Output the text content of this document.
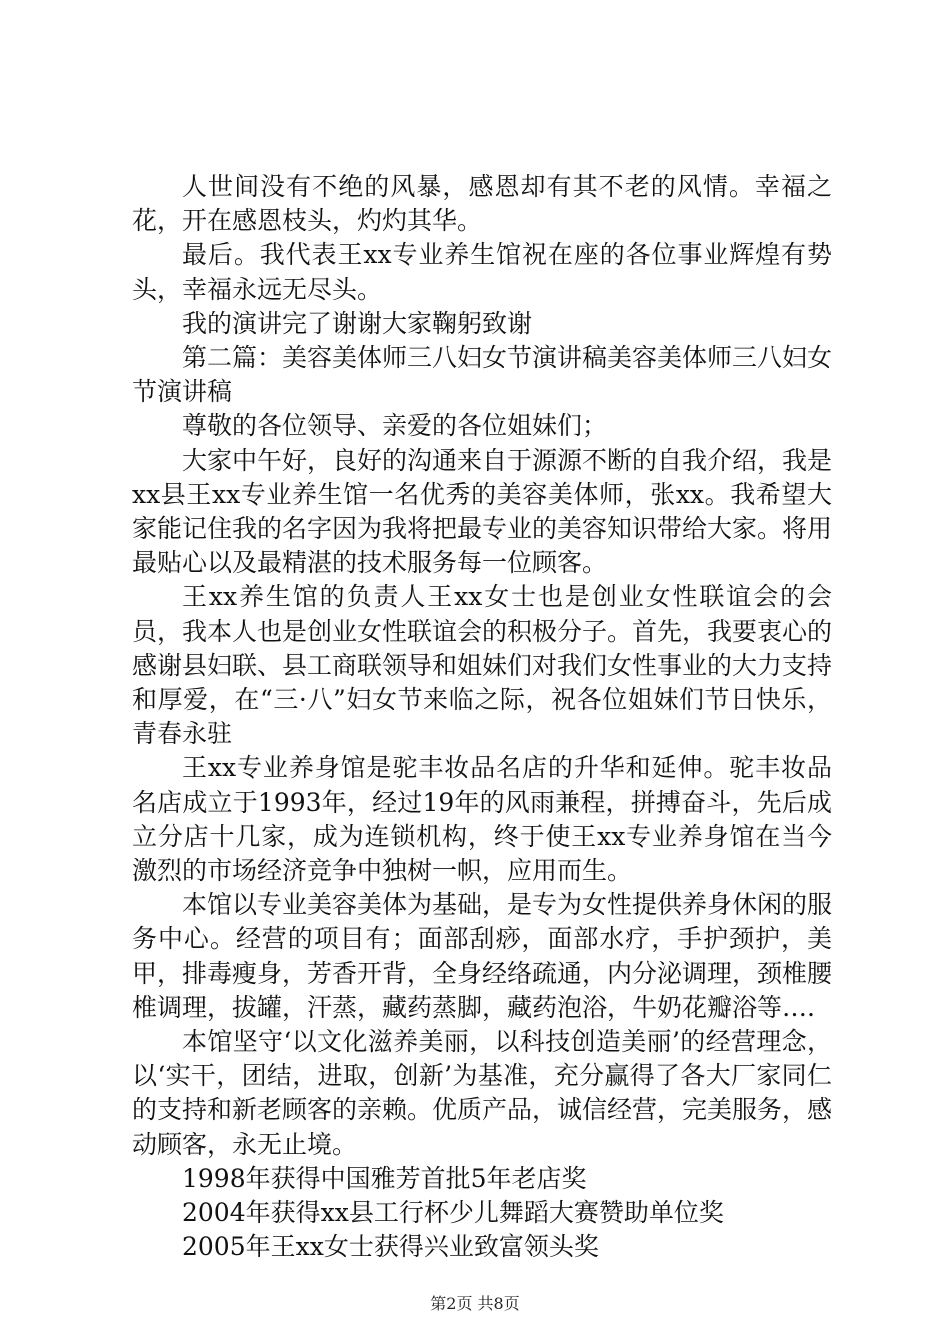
人世间没有不绝的风暴，感恩却有其不老的风情。幸福之花，开在感恩枝头，灼灼其华。

最后。我代表王xx专业养生馆祝在座的各位事业辉煌有势头，幸福永远无尽头。

我的演讲完了谢谢大家鞠躬致谢

第二篇：美容美体师三八妇女节演讲稿美容美体师三八妇女节演讲稿

尊敬的各位领导、亲爱的各位姐妹们；

大家中午好，良好的沟通来自于源源不断的自我介绍，我是xx县王xx专业养生馆一名优秀的美容美体师，张xx。我希望大家能记住我的名字因为我将把最专业的美容知识带给大家。将用最贴心以及最精湛的技术服务每一位顾客。

王xx养生馆的负责人王xx女士也是创业女性联谊会的会员，我本人也是创业女性联谊会的积极分子。首先，我要衷心的感谢县妇联、县工商联领导和姐妹们对我们女性事业的大力支持和厚爱，在“三·八”妇女节来临之际，祝各位姐妹们节日快乐，青春永驻

王xx专业养身馆是驼丰妆品名店的升华和延伸。驼丰妆品名店成立于1993年，经过19年的风雨兼程，拼搏奋斗，先后成立分店十几家，成为连锁机构，终于使王xx专业养身馆在当今激烈的市场经济竞争中独树一帜，应用而生。

本馆以专业美容美体为基础，是专为女性提供养身休闲的服务中心。经营的项目有；面部刮痧，面部水疗，手护颈护，美甲，排毒瘦身，芳香开背，全身经络疏通，内分泌调理，颈椎腰椎调理，拔罐，汗蒸，藏药蒸脚，藏药泡浴，牛奶花瓣浴等….

本馆坚守‘以文化滋养美丽，以科技创造美丽’的经营理念，以‘实干，团结，进取，创新’为基准，充分赢得了各大厂家同仁的支持和新老顾客的亲赖。优质产品，诚信经营，完美服务，感动顾客，永无止境。

1998年获得中国雅芳首批5年老店奖

2004年获得xx县工行杯少儿舞蹈大赛赞助单位奖

2005年王xx女士获得兴业致富领头奖

第2页 共8页
